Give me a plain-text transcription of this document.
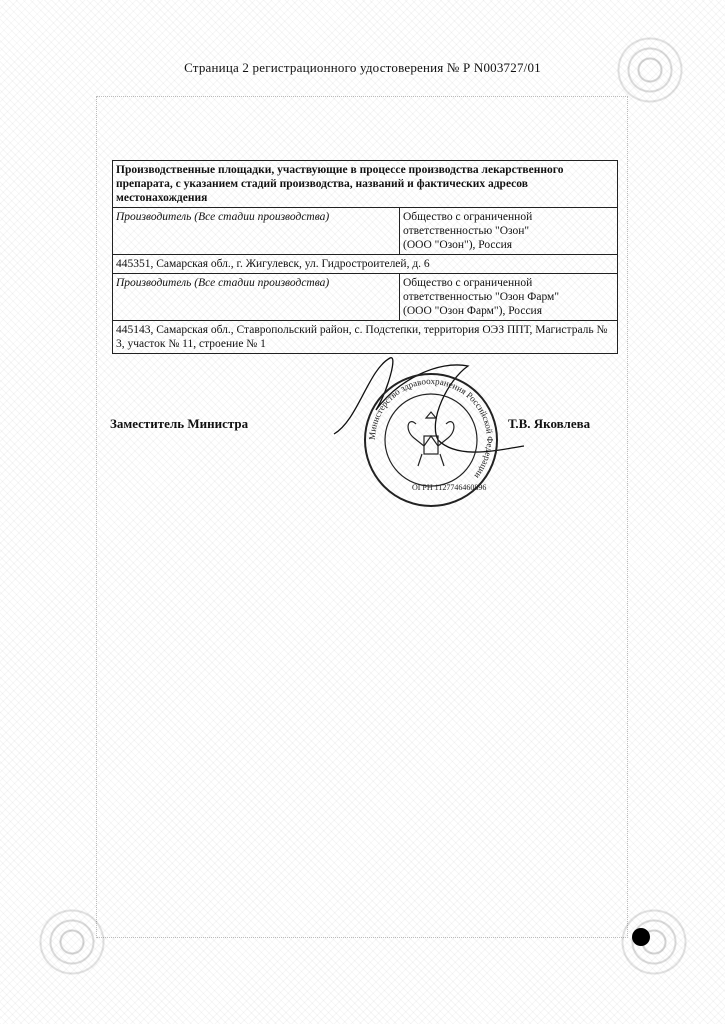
Страница 2 регистрационного удостоверения № Р N003727/01
Производственные площадки, участвующие в процессе производства лекарственного препарата, с указанием стадий производства, названий и фактических адресов местонахождения	
Производитель (Все стадии производства)	Общество с ограниченной
ответственностью "Озон"
(ООО "Озон"), Россия

445351, Самарская обл., г. Жигулевск, ул. Гидростроителей, д. 6	
Производитель (Все стадии производства)	Общество с ограниченной
ответственностью "Озон Фарм"
(ООО "Озон Фарм"), Россия

445143, Самарская обл., Ставропольский район, с. Подстепки, территория ОЭЗ ППТ, Магистраль № 3, участок № 11, строение № 1	
Заместитель Министра	Т.В. Яковлева
Министерство здравоохранения Российской Федерации
ОГРН 1127746460896
